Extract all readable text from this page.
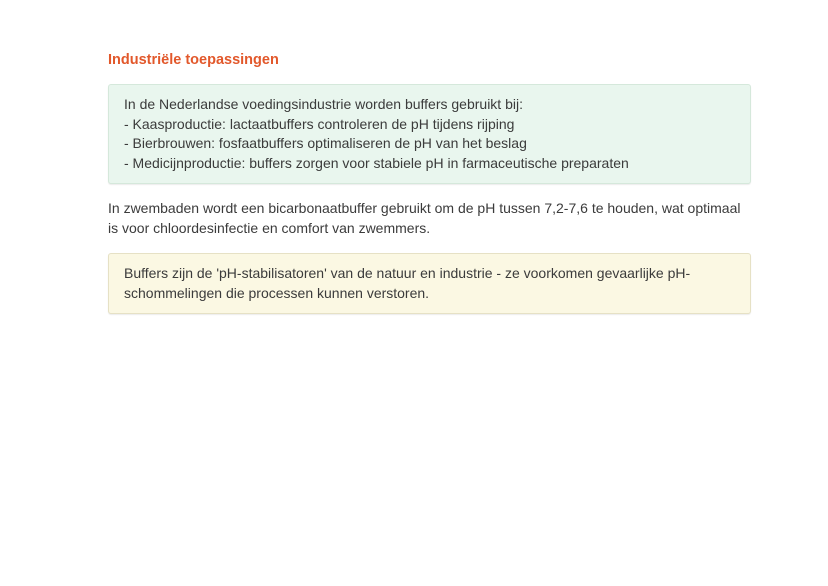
Industriële toepassingen
In de Nederlandse voedingsindustrie worden buffers gebruikt bij:
- Kaasproductie: lactaatbuffers controleren de pH tijdens rijping
- Bierbrouwen: fosfaatbuffers optimaliseren de pH van het beslag
- Medicijnproductie: buffers zorgen voor stabiele pH in farmaceutische preparaten

In zwembaden wordt een bicarbonaatbuffer gebruikt om de pH tussen 7,2-7,6 te houden, wat optimaal is voor chloordesinfectie en comfort van zwemmers.

Buffers zijn de 'pH-stabilisatoren' van de natuur en industrie - ze voorkomen gevaarlijke pH-schommelingen die processen kunnen verstoren.
